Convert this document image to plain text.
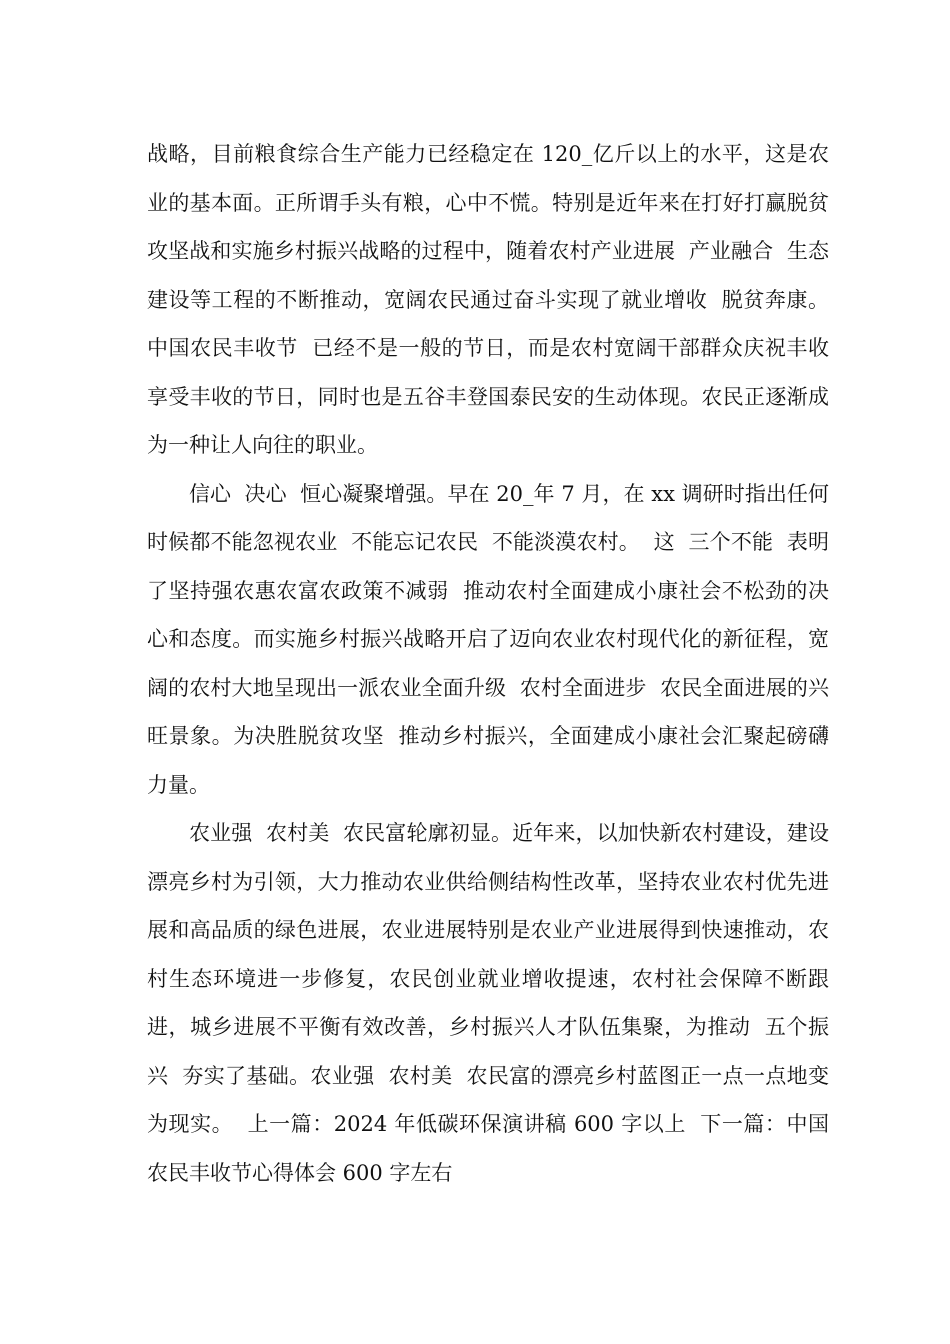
战略，目前粮食综合生产能力已经稳定在 120_亿斤以上的水平，这是农业的基本面。正所谓手头有粮，心中不慌。特别是近年来在打好打赢脱贫攻坚战和实施乡村振兴战略的过程中，随着农村产业进展  产业融合  生态建设等工程的不断推动，宽阔农民通过奋斗实现了就业增收  脱贫奔康。  中国农民丰收节  已经不是一般的节日，而是农村宽阔干部群众庆祝丰收  享受丰收的节日，同时也是五谷丰登国泰民安的生动体现。农民正逐渐成为一种让人向往的职业。

信心  决心  恒心凝聚增强。早在 20_年 7 月，在 xx 调研时指出任何时候都不能忽视农业  不能忘记农民  不能淡漠农村。  这  三个不能  表明了坚持强农惠农富农政策不减弱  推动农村全面建成小康社会不松劲的决心和态度。而实施乡村振兴战略开启了迈向农业农村现代化的新征程，宽阔的农村大地呈现出一派农业全面升级  农村全面进步  农民全面进展的兴旺景象。为决胜脱贫攻坚  推动乡村振兴，全面建成小康社会汇聚起磅礴力量。

农业强  农村美  农民富轮廓初显。近年来，以加快新农村建设，建设漂亮乡村为引领，大力推动农业供给侧结构性改革，坚持农业农村优先进展和高品质的绿色进展，农业进展特别是农业产业进展得到快速推动，农村生态环境进一步修复，农民创业就业增收提速，农村社会保障不断跟进，城乡进展不平衡有效改善，乡村振兴人才队伍集聚，为推动  五个振兴  夯实了基础。农业强  农村美  农民富的漂亮乡村蓝图正一点一点地变为现实。  上一篇：2024 年低碳环保演讲稿 600 字以上  下一篇：中国农民丰收节心得体会 600 字左右
